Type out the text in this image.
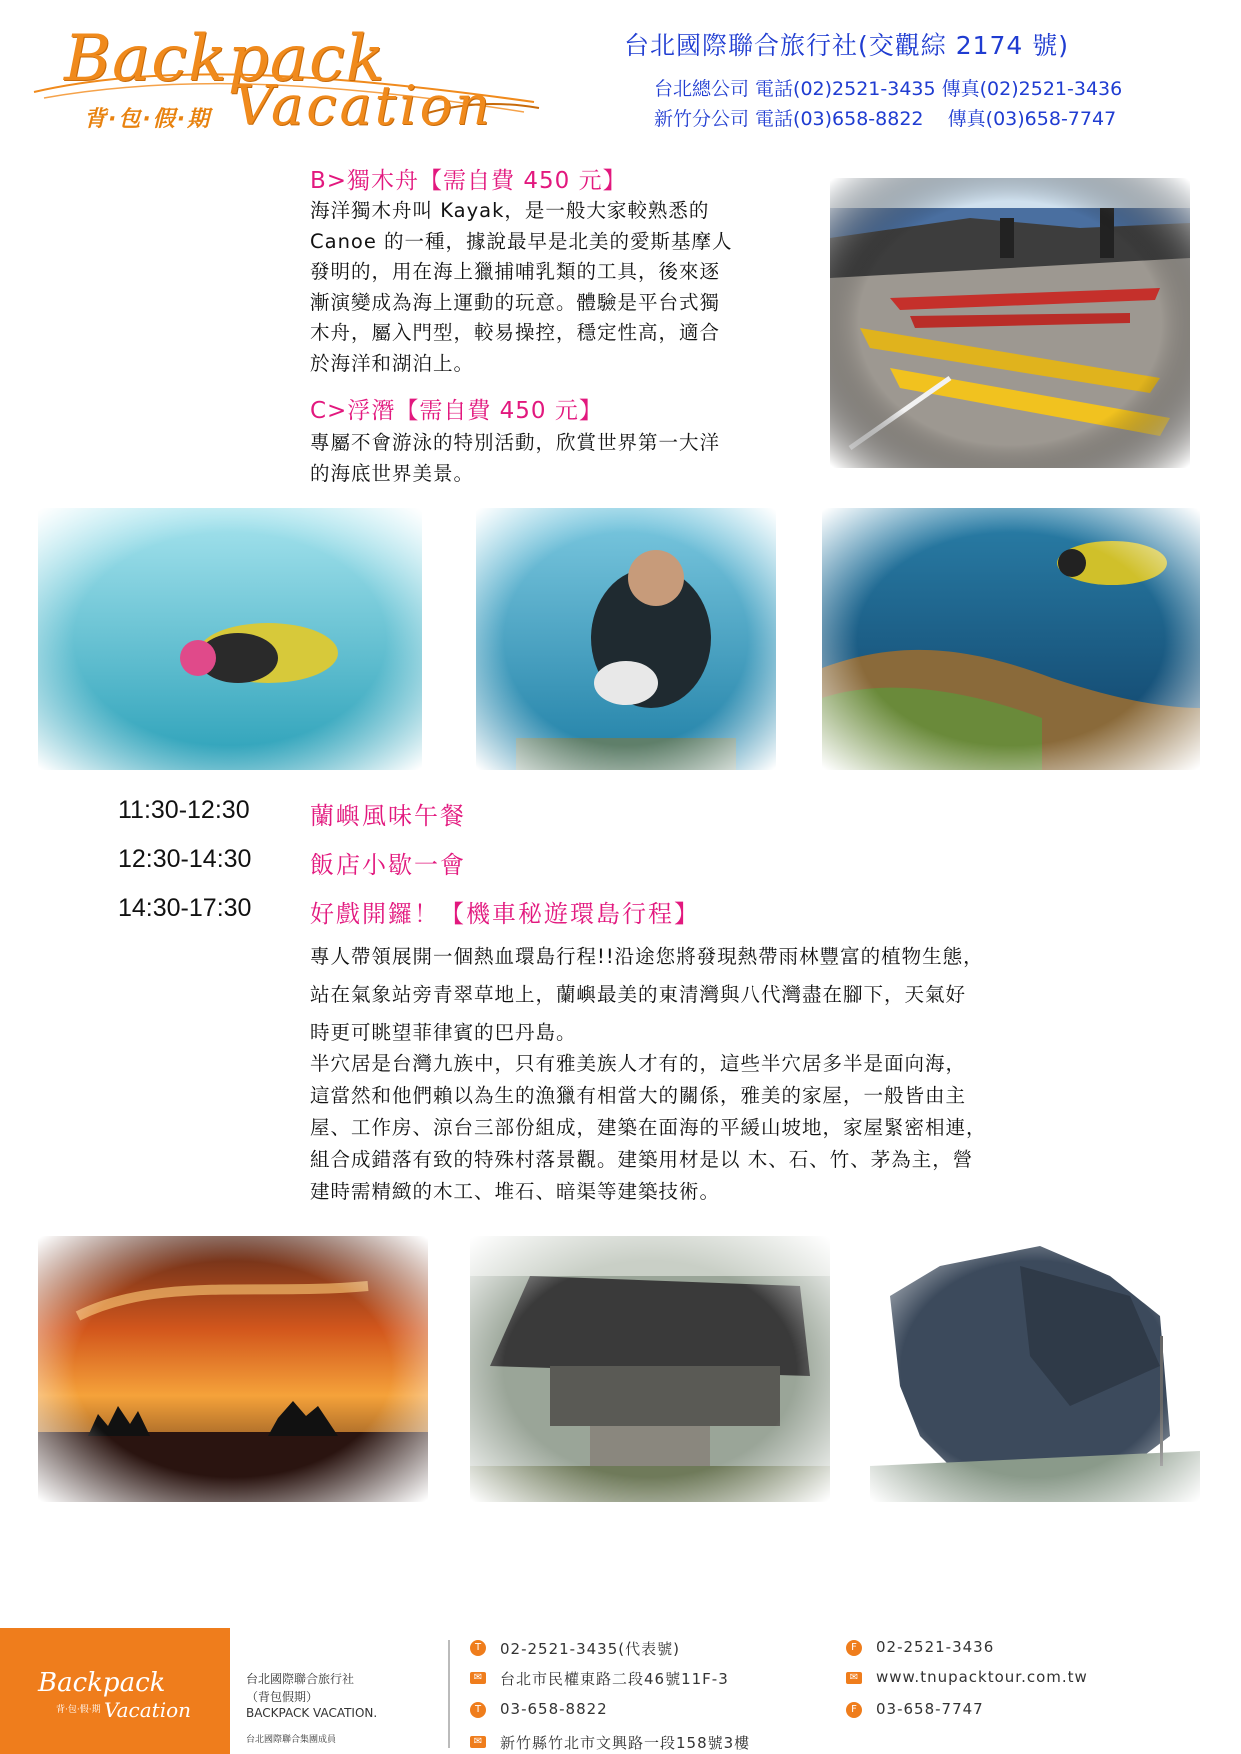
Backpack
Vacation
背·包·假·期
台北國際聯合旅行社(交觀綜 2174 號)
台北總公司 電話(02)2521-3435 傳真(02)2521-3436
新竹分公司 電話(03)658-8822    傳真(03)658-7747
B>獨木舟【需自費 450 元】
海洋獨木舟叫 Kayak，是一般大家較熟悉的
Canoe 的一種，據說最早是北美的愛斯基摩人
發明的，用在海上獵捕哺乳類的工具，後來逐
漸演變成為海上運動的玩意。體驗是平台式獨
木舟，屬入門型，較易操控，穩定性高，適合
於海洋和湖泊上。
C>浮潛【需自費 450 元】
專屬不會游泳的特別活動，欣賞世界第一大洋
的海底世界美景。
11:30-12:30	蘭嶼風味午餐
12:30-14:30 飯店小歇一會
14:30-17:30 好戲開鑼！【機車秘遊環島行程】
專人帶領展開一個熱血環島行程!!沿途您將發現熱帶雨林豐富的植物生態，
站在氣象站旁青翠草地上，蘭嶼最美的東清灣與八代灣盡在腳下，天氣好
時更可眺望菲律賓的巴丹島。
半穴居是台灣九族中，只有雅美族人才有的，這些半穴居多半是面向海，
這當然和他們賴以為生的漁獵有相當大的關係，雅美的家屋，一般皆由主
屋、工作房、涼台三部份組成，建築在面海的平緩山坡地，家屋緊密相連，
組合成錯落有致的特殊村落景觀。建築用材是以 木、石、竹、茅為主，營
建時需精緻的木工、堆石、暗渠等建築技術。
Backpack
Vacation
背·包·假·期
台北國際聯合旅行社
（背包假期）
BACKPACK VACATION.
台北國際聯合集團成員
T	02-2521-3435(代表號)	F	02-2521-3436
✉ 台北市民權東路二段46號11F-3	✉ www.tnupacktour.com.tw
T	03-658-8822	F	03-658-7747
✉ 新竹縣竹北市文興路一段158號3樓
